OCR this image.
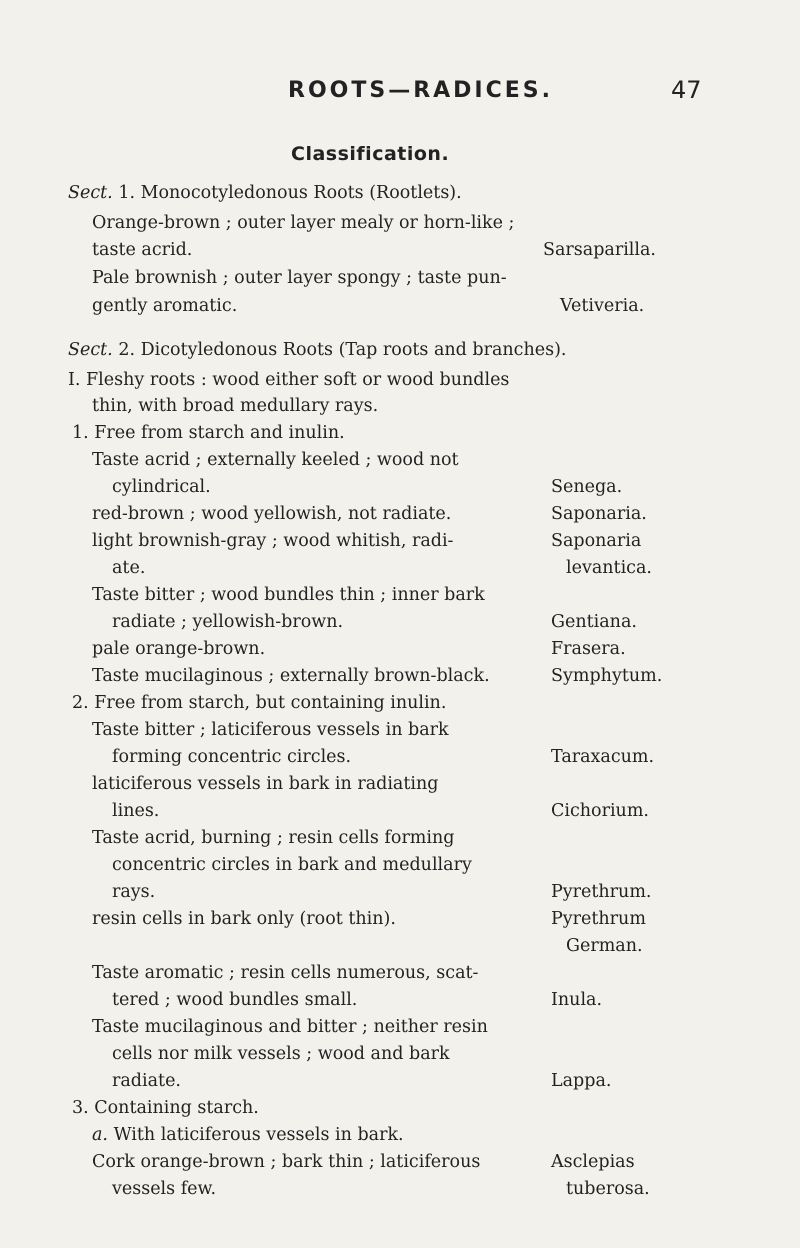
ROOTS—RADICES.	47
Classification.
Sect. 1. Monocotyledonous Roots (Rootlets).
Orange-brown ; outer layer mealy or horn-like ;
taste acrid.
Pale brownish ; outer layer spongy ; taste pun-
gently aromatic.
Sarsaparilla.
Vetiveria.
Sect. 2. Dicotyledonous Roots (Tap roots and branches).
I. Fleshy roots : wood either soft or wood bundles
thin, with broad medullary rays.
1. Free from starch and inulin.
Taste acrid ; externally keeled ; wood not
cylindrical.
red-brown ; wood yellowish, not radiate.
light brownish-gray ; wood whitish, radi-
ate.
Taste bitter ; wood bundles thin ; inner bark
radiate ; yellowish-brown.
pale orange-brown.
Taste mucilaginous ; externally brown-black.
2. Free from starch, but containing inulin.
Taste bitter ; laticiferous vessels in bark
forming concentric circles.
laticiferous vessels in bark in radiating
lines.
Taste acrid, burning ; resin cells forming
concentric circles in bark and medullary
rays.
resin cells in bark only (root thin).
Taste aromatic ; resin cells numerous, scat-
tered ; wood bundles small.
Taste mucilaginous and bitter ; neither resin
cells nor milk vessels ; wood and bark
radiate.
3. Containing starch.
a. With laticiferous vessels in bark.
Cork orange-brown ; bark thin ; laticiferous
vessels few.
Senega.
Saponaria.
Saponaria
levantica.
Gentiana.
Frasera.
Symphytum.
Taraxacum.
Cichorium.
Pyrethrum.
Pyrethrum
German.
Inula.
Lappa.
Asclepias
tuberosa.
